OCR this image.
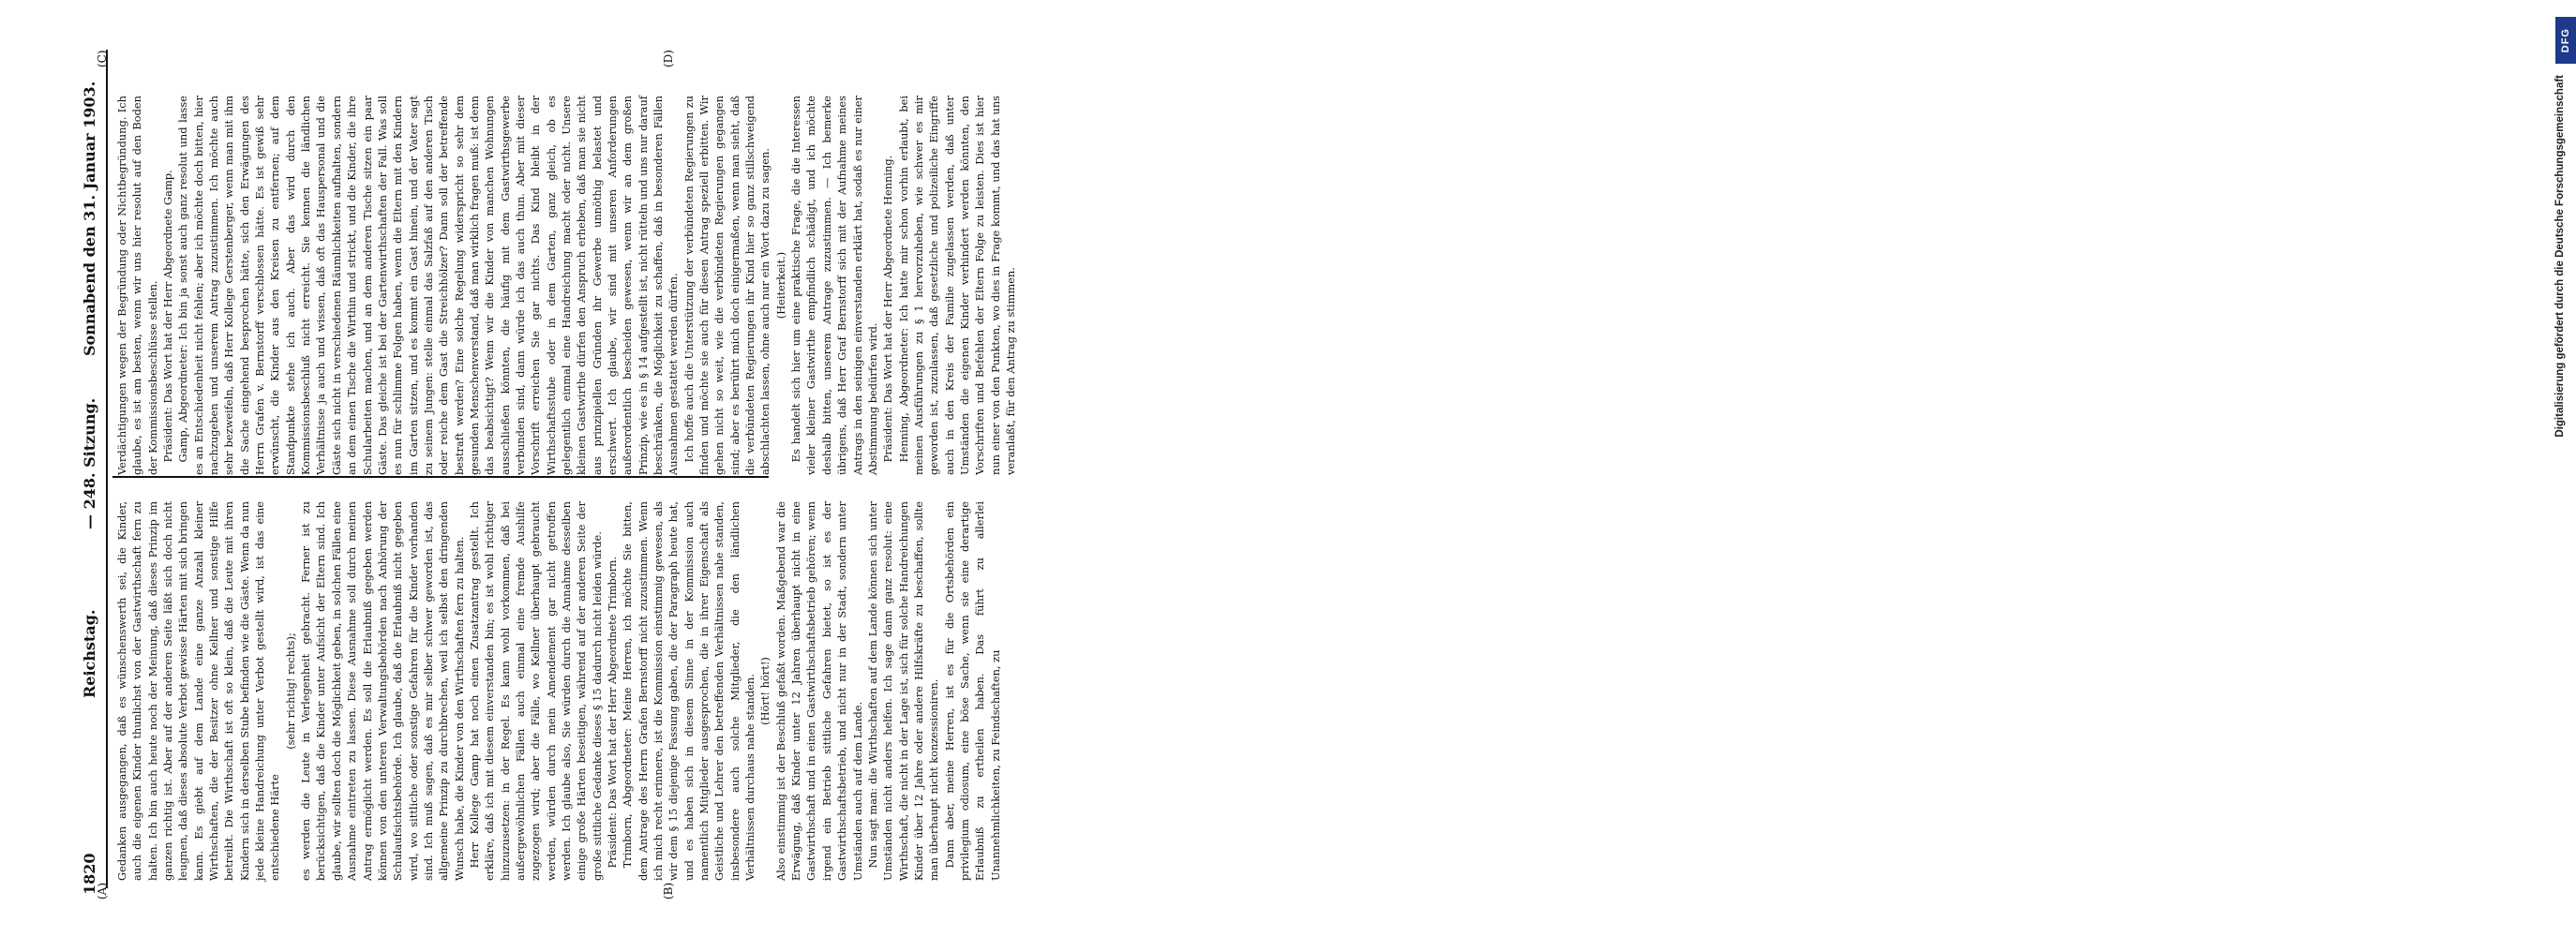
1820
Reichstag.
— 248. Sitzung.
Sonnabend den 31. Januar 1903.
(A)	(B)
(C)	(D)

Gedanken ausgegangen, daß es wünschenswerth sei, die Kinder, auch die eigenen Kinder thunlichst von der Gastwirthschaft fern zu halten. Ich bin auch heute noch der Meinung, daß dieses Prinzip im ganzen richtig ist. Aber auf der anderen Seite läßt sich doch nicht leugnen, daß dieses absolute Verbot gewisse Härten mit sich bringen kann. Es giebt auf dem Lande eine ganze Anzahl kleiner Wirthschaften, die der Besitzer ohne Kellner und sonstige Hilfe betreibt. Die Wirthschaft ist oft so klein, daß die Leute mit ihren Kindern sich in derselben Stube befinden wie die Gäste. Wenn da nun jede kleine Handreichung unter Verbot gestellt wird, ist das eine entschiedene Härte

(sehr richtig! rechts); es werden die Leute in Verlegenheit gebracht. Ferner ist zu berücksichtigen, daß die Kinder unter Aufsicht der Eltern sind. Ich glaube, wir sollten doch die Möglichkeit geben, in solchen Fällen eine Ausnahme eintreten zu lassen. Diese Ausnahme soll durch meinen Antrag ermöglicht werden. Es soll die Erlaubniß gegeben werden können von den unteren Verwaltungsbehörden nach Anhörung der Schulaufsichtsbehörde. Ich glaube, daß die Erlaubniß nicht gegeben wird, wo sittliche oder sonstige Gefahren für die Kinder vorhanden sind. Ich muß sagen, daß es mir selber schwer geworden ist, das allgemeine Prinzip zu durchbrechen, weil ich selbst den dringenden Wunsch habe, die Kinder von den Wirthschaften fern zu halten. Herr Kollege Gamp hat noch einen Zusatzantrag gestellt. Ich erkläre, daß ich mit diesem einverstanden bin; es ist wohl richtiger hinzuzusetzen: in der Regel. Es kann wohl vorkommen, daß bei außergewöhnlichen Fällen auch einmal eine fremde Aushilfe zugezogen wird; aber die Fälle, wo Kellner überhaupt gebraucht werden, würden durch mein Amendement gar nicht getroffen werden. Ich glaube also, Sie würden durch die Annahme desselben einige große Härten beseitigen, während auf der anderen Seite der große sittliche Gedanke dieses § 15 dadurch nicht leiden würde. Präsident: Das Wort hat der Herr Abgeordnete Trimborn. Trimborn, Abgeordneter: Meine Herren, ich möchte Sie bitten, dem Antrage des Herrn Grafen Bernstorff nicht zuzustimmen. Wenn ich mich recht erinnere, ist die Kommission einstimmig gewesen, als wir dem § 15 diejenige Fassung gaben, die der Paragraph heute hat, und es haben sich in diesem Sinne in der Kommission auch namentlich Mitglieder ausgesprochen, die in ihrer Eigenschaft als Geistliche und Lehrer den betreffenden Verhältnissen nahe standen, insbesondere auch solche Mitglieder, die den ländlichen Verhältnissen durchaus nahe standen. (Hört! hört!) Also einstimmig ist der Beschluß gefaßt worden. Maßgebend war die Erwägung, daß Kinder unter 12 Jahren überhaupt nicht in eine Gastwirthschaft und in einen Gastwirthschaftsbetrieb gehören; wenn irgend ein Betrieb sittliche Gefahren bietet, so ist es der Gastwirthschaftsbetrieb, und nicht nur in der Stadt, sondern unter Umständen auch auf dem Lande. Nun sagt man: die Wirthschaften auf dem Lande können sich unter Umständen nicht anders helfen. Ich sage dann ganz resolut: eine Wirthschaft, die nicht in der Lage ist, sich für solche Handreichungen Kinder über 12 Jahre oder andere Hilfskräfte zu beschaffen, sollte man überhaupt nicht konzessioniren. Dann aber, meine Herren, ist es für die Ortsbehörden ein privilegium odiosum, eine böse Sache, wenn sie eine derartige Erlaubniß zu ertheilen haben. Das führt zu allerlei Unannehmlichkeiten, zu Feindschaften, zu

Verdächtigungen wegen der Begründung oder Nichtbegründung. Ich glaube, es ist am besten, wenn wir uns hier resolut auf den Boden der Kommissionsbeschlüsse stellen. Präsident: Das Wort hat der Herr Abgeordnete Gamp. Gamp, Abgeordneter: Ich bin ja sonst auch ganz resolut und lasse es an Entschiedenheit nicht fehlen; aber ich möchte doch bitten, hier nachzugeben und unserem Antrag zuzustimmen. Ich möchte auch sehr bezweifeln, daß Herr Kollege Gerstenberger, wenn man mit ihm die Sache eingehend besprochen hätte, sich den Erwägungen des Herrn Grafen v. Bernstorff verschlossen hätte. Es ist gewiß sehr erwünscht, die Kinder aus den Kreisen zu entfernen; auf dem Standpunkte stehe ich auch. Aber das wird durch den Kommissionsbeschluß nicht erreicht. Sie kennen die ländlichen Verhältnisse ja auch und wissen, daß oft das Hauspersonal und die Gäste sich nicht in verschiedenen Räumlichkeiten aufhalten, sondern an dem einen Tische die Wirthin und strickt, und die Kinder, die ihre Schularbeiten machen, und an dem anderen Tische sitzen ein paar Gäste. Das gleiche ist bei der Gartenwirthschaften der Fall. Was soll es nun für schlimme Folgen haben, wenn die Eltern mit den Kindern im Garten sitzen, und es kommt ein Gast hinein, und der Vater sagt zu seinem Jungen: stelle einmal das Salzfaß auf den anderen Tisch oder reiche dem Gast die Streichhölzer? Dann soll der betreffende bestraft werden? Eine solche Regelung widerspricht so sehr dem gesunden Menschenverstand, daß man wirklich fragen muß: ist denn das beabsichtigt? Wenn wir die Kinder von manchen Wohnungen ausschließen könnten, die häufig mit dem Gastwirthsgewerbe verbunden sind, dann würde ich das auch thun. Aber mit dieser Vorschrift erreichen Sie gar nichts. Das Kind bleibt in der Wirthschaftsstube oder in dem Garten, ganz gleich, ob es gelegentlich einmal eine Handreichung macht oder nicht. Unsere kleinen Gastwirthe dürfen den Anspruch erheben, daß man sie nicht aus prinzipiellen Gründen ihr Gewerbe unnöthig belastet und erschwert. Ich glaube, wir sind mit unseren Anforderungen außerordentlich bescheiden gewesen, wenn wir an dem großen Prinzip, wie es in § 14 aufgestellt ist, nicht rütteln und uns nur darauf beschränken, die Möglichkeit zu schaffen, daß in besonderen Fällen Ausnahmen gestattet werden dürfen. Ich hoffe auch die Unterstützung der verbündeten Regierungen zu finden und möchte sie auch für diesen Antrag speziell erbitten. Wir gehen nicht so weit, wie die verbündeten Regierungen gegangen sind; aber es berührt mich doch einigermaßen, wenn man sieht, daß die verbündeten Regierungen ihr Kind hier so ganz stillschweigend abschlachten lassen, ohne auch nur ein Wort dazu zu sagen. (Heiterkeit.) Es handelt sich hier um eine praktische Frage, die die Interessen vieler kleiner Gastwirthe empfindlich schädigt, und ich möchte deshalb bitten, unserem Antrage zuzustimmen. — Ich bemerke übrigens, daß Herr Graf Bernstorff sich mit der Aufnahme meines Antrags in den seinigen einverstanden erklärt hat, sodaß es nur einer Abstimmung bedürfen wird. Präsident: Das Wort hat der Herr Abgeordnete Henning. Henning, Abgeordneter: Ich hatte mir schon vorhin erlaubt, bei meinen Ausführungen zu § 1 hervorzuheben, wie schwer es mir geworden ist, zuzulassen, daß gesetzliche und polizeiliche Eingriffe auch in den Kreis der Familie zugelassen werden, daß unter Umständen die eigenen Kinder verhindert werden könnten, den Vorschriften und Befehlen der Eltern Folge zu leisten. Dies ist hier nun einer von den Punkten, wo dies in Frage kommt, und das hat uns veranlaßt, für den Antrag zu stimmen.

DFG
Digitalisierung gefördert durch die Deutsche Forschungsgemeinschaft
